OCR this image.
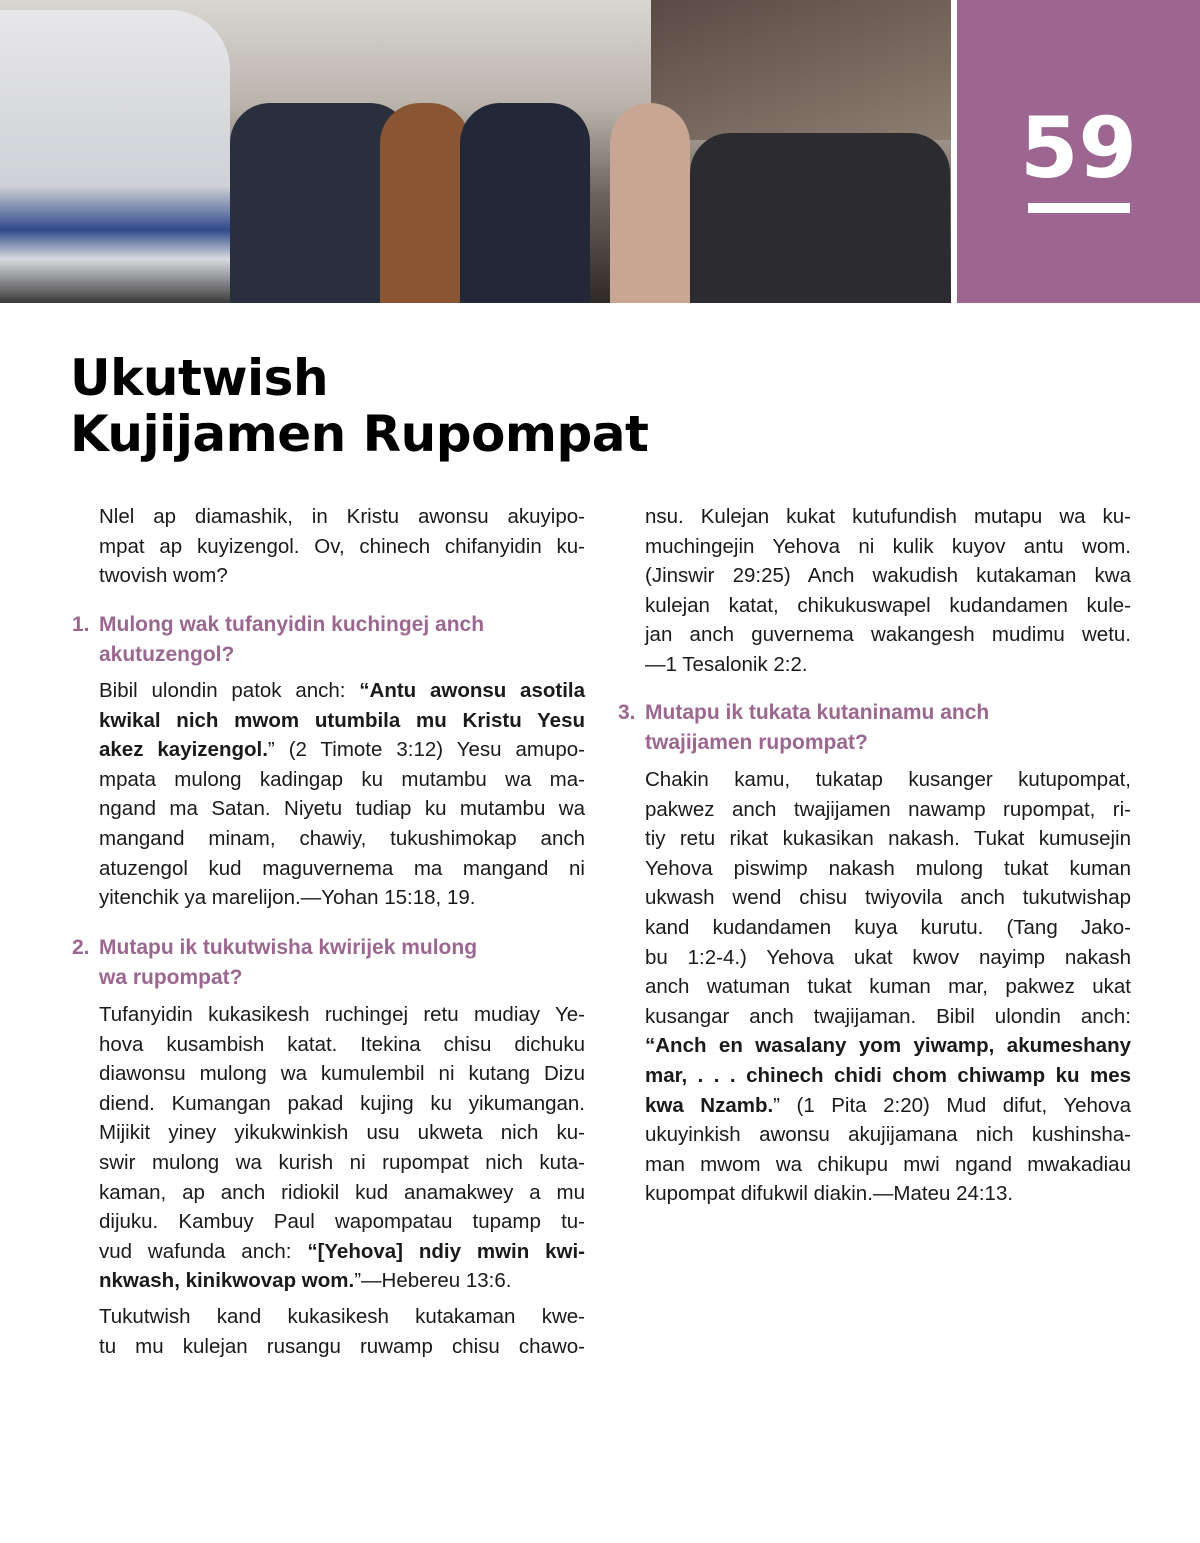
59
Ukutwish
Kujijamen Rupompat
Nlel ap diamashik, in Kristu awonsu akuyipo-
mpat ap kuyizengol. Ov, chinech chifanyidin ku-
twovish wom?
1. Mulong wak tufanyidin kuchingej anch
akutuzengol?
Bibil ulondin patok anch: “Antu awonsu asotila
kwikal nich mwom utumbila mu Kristu Yesu
akez kayizengol.” (2 Timote 3:12) Yesu amupo-
mpata mulong kadingap ku mutambu wa ma-
ngand ma Satan. Niyetu tudiap ku mutambu wa
mangand minam, chawiy, tukushimokap anch
atuzengol kud maguvernema ma mangand ni
yitenchik ya marelijon.—Yohan 15:18, 19.
2. Mutapu ik tukutwisha kwirijek mulong
wa rupompat?
Tufanyidin kukasikesh ruchingej retu mudiay Ye-
hova kusambish katat. Itekina chisu dichuku
diawonsu mulong wa kumulembil ni kutang Dizu
diend. Kumangan pakad kujing ku yikumangan.
Mijikit yiney yikukwinkish usu ukweta nich ku-
swir mulong wa kurish ni rupompat nich kuta-
kaman, ap anch ridiokil kud anamakwey a mu
dijuku. Kambuy Paul wapompatau tupamp tu-
vud wafunda anch: “[Yehova] ndiy mwin kwi-
nkwash, kinikwovap wom.”—Hebereu 13:6.
Tukutwish kand kukasikesh kutakaman kwe-
tu mu kulejan rusangu ruwamp chisu chawo-
nsu. Kulejan kukat kutufundish mutapu wa ku-
muchingejin Yehova ni kulik kuyov antu wom.
(Jinswir 29:25) Anch wakudish kutakaman kwa
kulejan katat, chikukuswapel kudandamen kule-
jan anch guvernema wakangesh mudimu wetu.
—1 Tesalonik 2:2.
3. Mutapu ik tukata kutaninamu anch
twajijamen rupompat?
Chakin kamu, tukatap kusanger kutupompat,
pakwez anch twajijamen nawamp rupompat, ri-
tiy retu rikat kukasikan nakash. Tukat kumusejin
Yehova piswimp nakash mulong tukat kuman
ukwash wend chisu twiyovila anch tukutwishap
kand kudandamen kuya kurutu. (Tang Jako-
bu 1:2-4.) Yehova ukat kwov nayimp nakash
anch watuman tukat kuman mar, pakwez ukat
kusangar anch twajijaman. Bibil ulondin anch:
“Anch en wasalany yom yiwamp, akumeshany
mar, . . . chinech chidi chom chiwamp ku mes
kwa Nzamb.” (1 Pita 2:20) Mud difut, Yehova
ukuyinkish awonsu akujijamana nich kushinsha-
man mwom wa chikupu mwi ngand mwakadiau
kupompat difukwil diakin.—Mateu 24:13.
